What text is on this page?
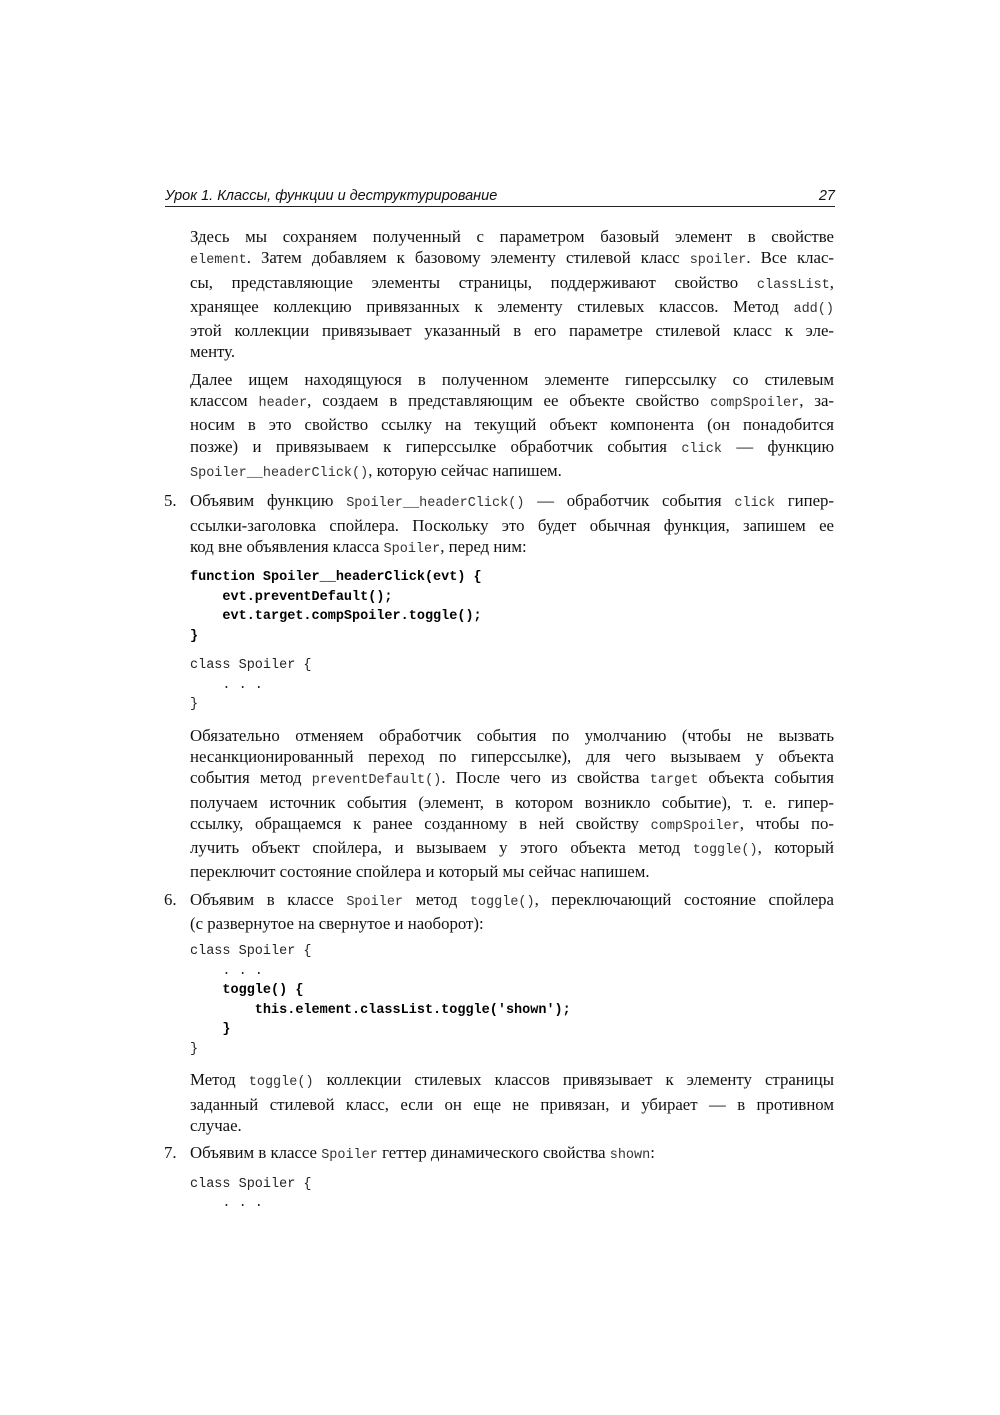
Урок 1. Классы, функции и деструктурирование	27

Здесь мы сохраняем полученный с параметром базовый элемент в свойстве
element. Затем добавляем к базовому элементу стилевой класс spoiler. Все клас-
сы, представляющие элементы страницы, поддерживают свойство classList,
хранящее коллекцию привязанных к элементу стилевых классов. Метод add()
этой коллекции привязывает указанный в его параметре стилевой класс к эле-
менту.

Далее ищем находящуюся в полученном элементе гиперссылку со стилевым
классом header, создаем в представляющим ее объекте свойство compSpoiler, за-
носим в это свойство ссылку на текущий объект компонента (он понадобится
позже) и привязываем к гиперссылке обработчик события click — функцию
Spoiler__headerClick(), которую сейчас напишем.

5. Объявим функцию Spoiler__headerClick() — обработчик события click гипер-
ссылки-заголовка спойлера. Поскольку это будет обычная функция, запишем ее
код вне объявления класса Spoiler, перед ним:

function Spoiler__headerClick(evt) {
evt.preventDefault();
evt.target.compSpoiler.toggle();
}
class Spoiler {
. . .
}

Обязательно отменяем обработчик события по умолчанию (чтобы не вызвать
несанкционированный переход по гиперссылке), для чего вызываем у объекта
события метод preventDefault(). После чего из свойства target объекта события
получаем источник события (элемент, в котором возникло событие), т. е. гипер-
ссылку, обращаемся к ранее созданному в ней свойству compSpoiler, чтобы по-
лучить объект спойлера, и вызываем у этого объекта метод toggle(), который
переключит состояние спойлера и который мы сейчас напишем.

6. Объявим в классе Spoiler метод toggle(), переключающий состояние спойлера
(с развернутое на свернутое и наоборот):

class Spoiler {
. . .
toggle() {
this.element.classList.toggle('shown');
}
}

Метод toggle() коллекции стилевых классов привязывает к элементу страницы
заданный стилевой класс, если он еще не привязан, и убирает — в противном
случае.

7. Объявим в классе Spoiler геттер динамического свойства shown:

class Spoiler {
. . .
